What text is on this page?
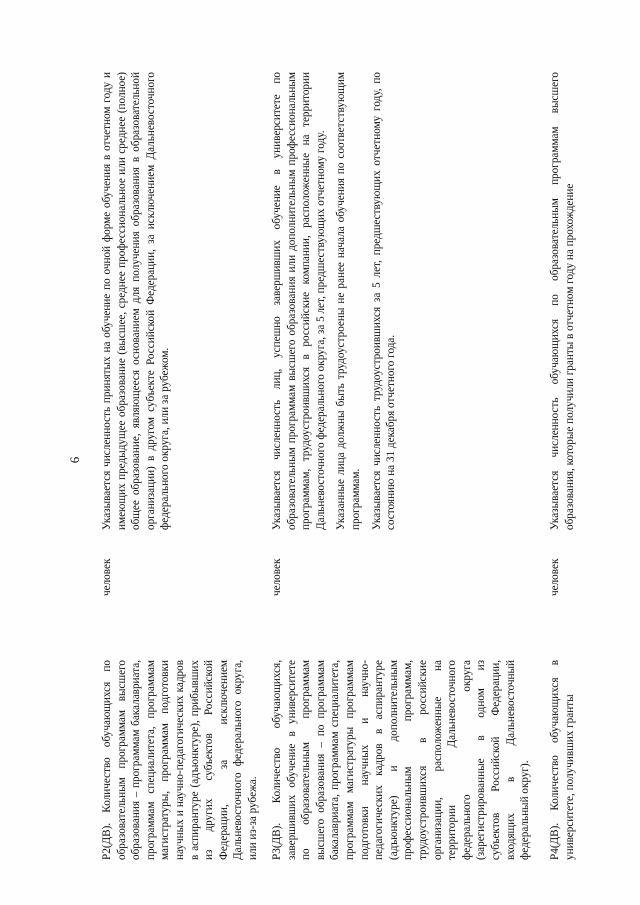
6

Р2(ДВ). Количество обучающихся по образовательным программам высшего образования – программам бакалавриата, программам специалитета, программам магистратуры, программам подготовки научных и научно-педагогических кадров в аспирантуре (адъюнктуре), прибывших из других субъектов Российской Федерации, за исключением Дальневосточного федерального округа, или из-за рубежа.

человек

Указывается численность принятых на обучение по очной форме обучения в отчетном году и имеющих предыдущее образование (высшее, среднее профессиональное или среднее (полное) общее образование, являющееся основанием для получения образования в образовательной организации) в другом субъекте Российской Федерации, за исключением Дальневосточного федерального округа, или за рубежом.

Р3(ДВ). Количество обучающихся, завершивших обучение в университете по образовательным программам высшего образования – по программам бакалавриата, программам специалитета, программам магистратуры программам подготовки научных и научно-педагогических кадров в аспирантуре (адъюнктуре) и дополнительным профессиональным программам, трудоустроившихся в российские организации, расположенные на территории Дальневосточного федерального округа (зарегистрированные в одном из субъектов Российской Федерации, входящих в Дальневосточный федеральный округ).

человек

Указывается численность лиц, успешно завершивших обучение в университете по образовательным программам высшего образования или дополнительным профессиональным программам, трудоустроившихся в российские компании, расположенные на территории Дальневосточного федерального округа, за 5 лет, предшествующих отчетному году. Указанные лица должны быть трудоустроены не ранее начала обучения по соответствующим программам. Указывается численность трудоустроившихся за 5 лет, предшествующих отчетному году, по состоянию на 31 декабря отчетного года.

Р4(ДВ). Количество обучающихся в университете, получивших гранты

человек

Указывается численность обучающихся по образовательным программам высшего образования, которые получили гранты в отчетном году на прохождение
